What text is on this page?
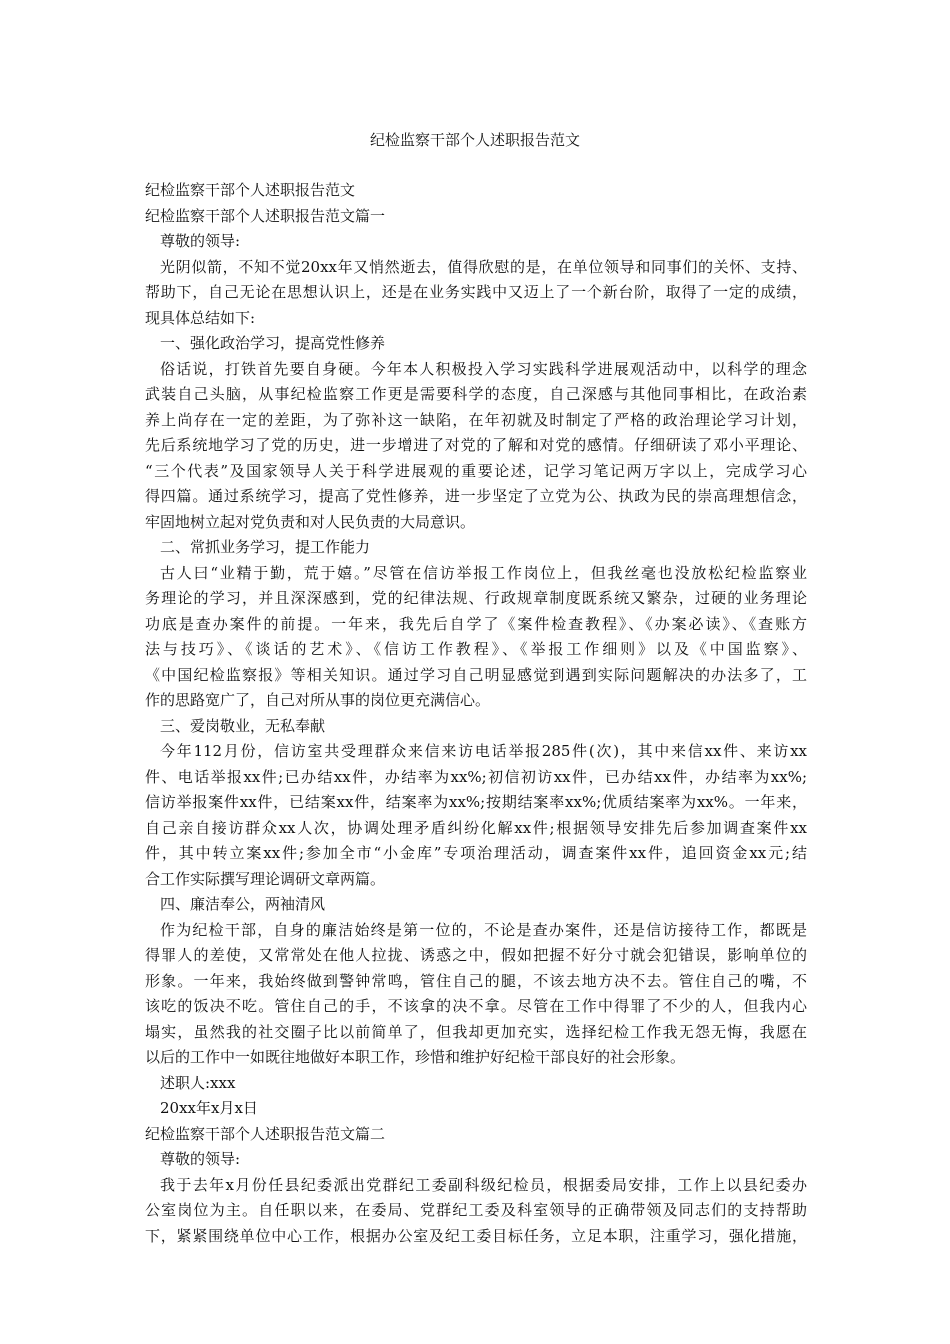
纪检监察干部个人述职报告范文

纪检监察干部个人述职报告范文

纪检监察干部个人述职报告范文篇一

尊敬的领导:

光阴似箭，不知不觉20xx年又悄然逝去，值得欣慰的是，在单位领导和同事们的关怀、支持、

帮助下，自己无论在思想认识上，还是在业务实践中又迈上了一个新台阶，取得了一定的成绩，

现具体总结如下:

一、强化政治学习，提高党性修养

俗话说，打铁首先要自身硬。今年本人积极投入学习实践科学进展观活动中，以科学的理念

武装自己头脑，从事纪检监察工作更是需要科学的态度，自己深感与其他同事相比，在政治素

养上尚存在一定的差距，为了弥补这一缺陷，在年初就及时制定了严格的政治理论学习计划，

先后系统地学习了党的历史，进一步增进了对党的了解和对党的感情。仔细研读了邓小平理论、

“三个代表”及国家领导人关于科学进展观的重要论述，记学习笔记两万字以上，完成学习心

得四篇。通过系统学习，提高了党性修养，进一步坚定了立党为公、执政为民的崇高理想信念，

牢固地树立起对党负责和对人民负责的大局意识。

二、常抓业务学习，提工作能力

古人曰“业精于勤，荒于嬉。”尽管在信访举报工作岗位上，但我丝毫也没放松纪检监察业

务理论的学习，并且深深感到，党的纪律法规、行政规章制度既系统又繁杂，过硬的业务理论

功底是查办案件的前提。一年来，我先后自学了《案件检查教程》、《办案必读》、《查账方

法与技巧》、《谈话的艺术》、《信访工作教程》、《举报工作细则》以及《中国监察》、

《中国纪检监察报》等相关知识。通过学习自己明显感觉到遇到实际问题解决的办法多了，工

作的思路宽广了，自己对所从事的岗位更充满信心。

三、爱岗敬业，无私奉献

今年112月份，信访室共受理群众来信来访电话举报285件(次)，其中来信xx件、来访xx

件、电话举报xx件;已办结xx件，办结率为xx%;初信初访xx件，已办结xx件，办结率为xx%;

信访举报案件xx件，已结案xx件，结案率为xx%;按期结案率xx%;优质结案率为xx%。一年来，

自己亲自接访群众xx人次，协调处理矛盾纠纷化解xx件;根据领导安排先后参加调查案件xx

件，其中转立案xx件;参加全市“小金库”专项治理活动，调查案件xx件，追回资金xx元;结

合工作实际撰写理论调研文章两篇。

四、廉洁奉公，两袖清风

作为纪检干部，自身的廉洁始终是第一位的，不论是查办案件，还是信访接待工作，都既是

得罪人的差使，又常常处在他人拉拢、诱惑之中，假如把握不好分寸就会犯错误，影响单位的

形象。一年来，我始终做到警钟常鸣，管住自己的腿，不该去地方决不去。管住自己的嘴，不

该吃的饭决不吃。管住自己的手，不该拿的决不拿。尽管在工作中得罪了不少的人，但我内心

塌实，虽然我的社交圈子比以前简单了，但我却更加充实，选择纪检工作我无怨无悔，我愿在

以后的工作中一如既往地做好本职工作，珍惜和维护好纪检干部良好的社会形象。

述职人:xxx

20xx年x月x日

纪检监察干部个人述职报告范文篇二

尊敬的领导:

我于去年x月份任县纪委派出党群纪工委副科级纪检员，根据委局安排，工作上以县纪委办

公室岗位为主。自任职以来，在委局、党群纪工委及科室领导的正确带领及同志们的支持帮助

下，紧紧围绕单位中心工作，根据办公室及纪工委目标任务，立足本职，注重学习，强化措施，
